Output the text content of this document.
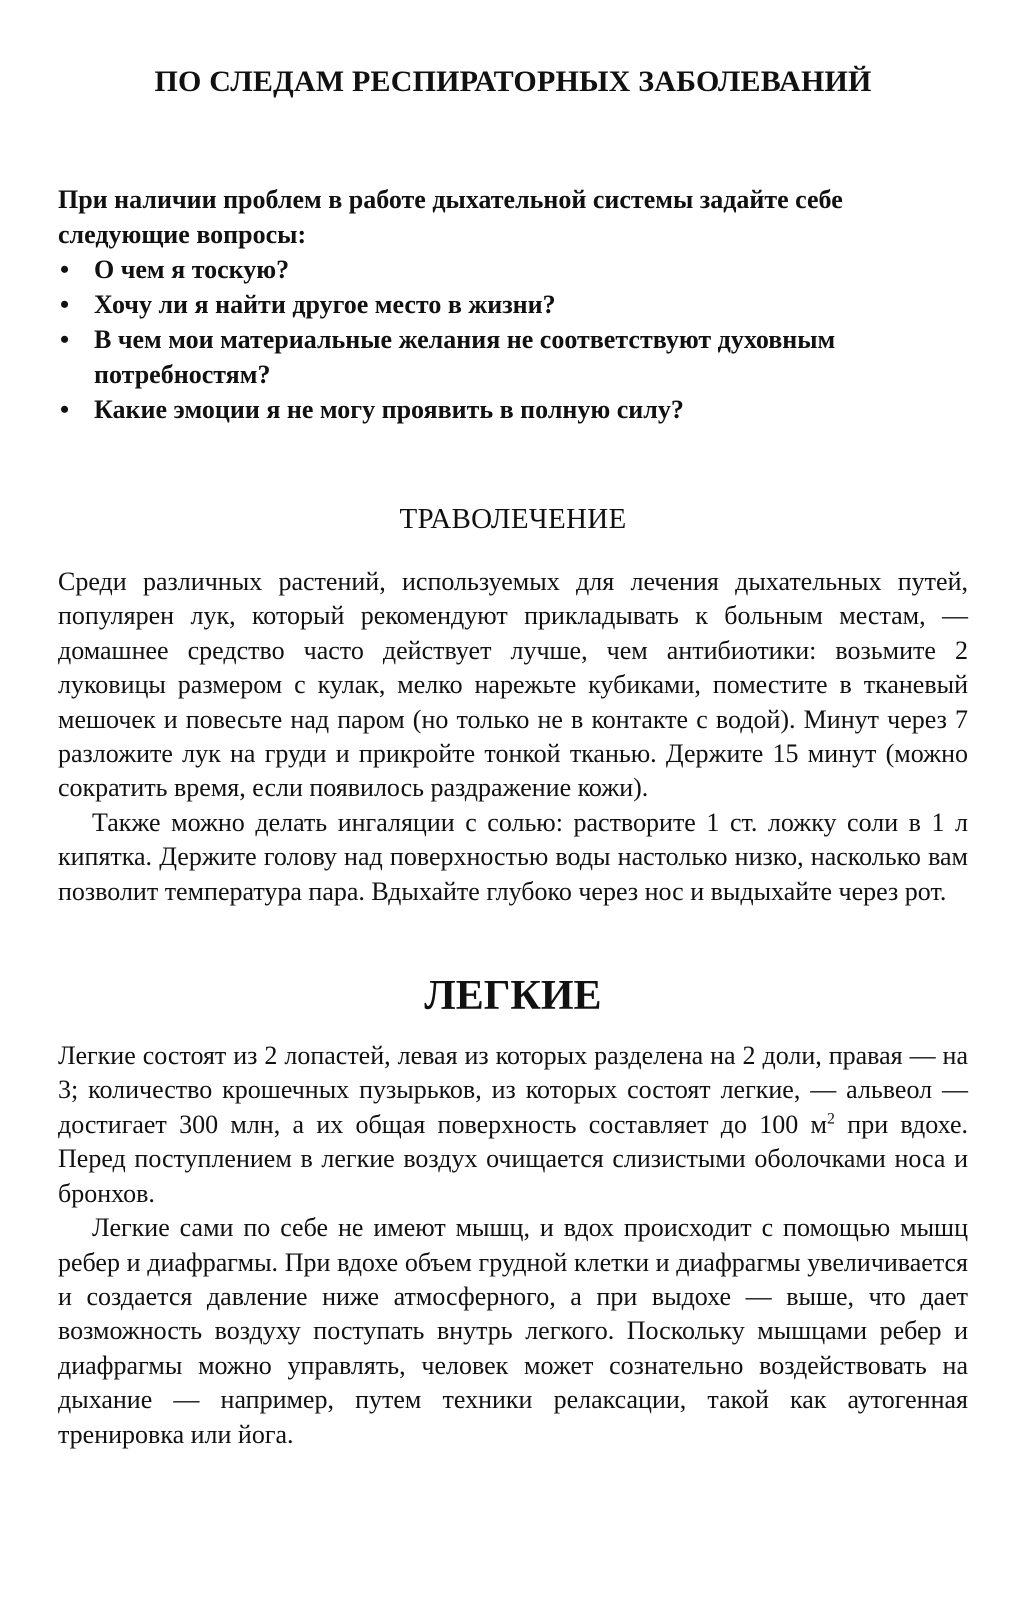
ПО СЛЕДАМ РЕСПИРАТОРНЫХ ЗАБОЛЕВАНИЙ

При наличии проблем в работе дыхательной системы задайте себе следующие вопросы:

• О чем я тоскую?
• Хочу ли я найти другое место в жизни?
• В чем мои материальные желания не соответствуют духовным потребностям?
• Какие эмоции я не могу проявить в полную силу?
ТРАВОЛЕЧЕНИЕ

Среди различных растений, используемых для лечения дыхательных путей, популярен лук, который рекомендуют прикладывать к больным местам, — домашнее средство часто действует лучше, чем антибиотики: возьмите 2 луковицы размером с кулак, мелко нарежьте кубиками, поместите в тканевый мешочек и повесьте над паром (но только не в контакте с водой). Минут через 7 разложите лук на груди и прикройте тонкой тканью. Держите 15 минут (можно сократить время, если появилось раздражение кожи).

Также можно делать ингаляции с солью: растворите 1 ст. ложку соли в 1 л кипятка. Держите голову над поверхностью воды настолько низко, насколько вам позволит температура пара. Вдыхайте глубоко через нос и выдыхайте через рот.

ЛЕГКИЕ

Легкие состоят из 2 лопастей, левая из которых разделена на 2 доли, правая — на 3; количество крошечных пузырьков, из которых состоят легкие, — альвеол — достигает 300 млн, а их общая поверхность составляет до 100 $м^2$ при вдохе. Перед поступлением в легкие воздух очищается слизистыми оболочками носа и бронхов.

Легкие сами по себе не имеют мышц, и вдох происходит с помощью мышц ребер и диафрагмы. При вдохе объем грудной клетки и диафрагмы увеличивается и создается давление ниже атмосферного, а при выдохе — выше, что дает возможность воздуху поступать внутрь легкого. Поскольку мышцами ребер и диафрагмы можно управлять, человек может сознательно воздействовать на дыхание — например, путем техники релаксации, такой как аутогенная тренировка или йога.
